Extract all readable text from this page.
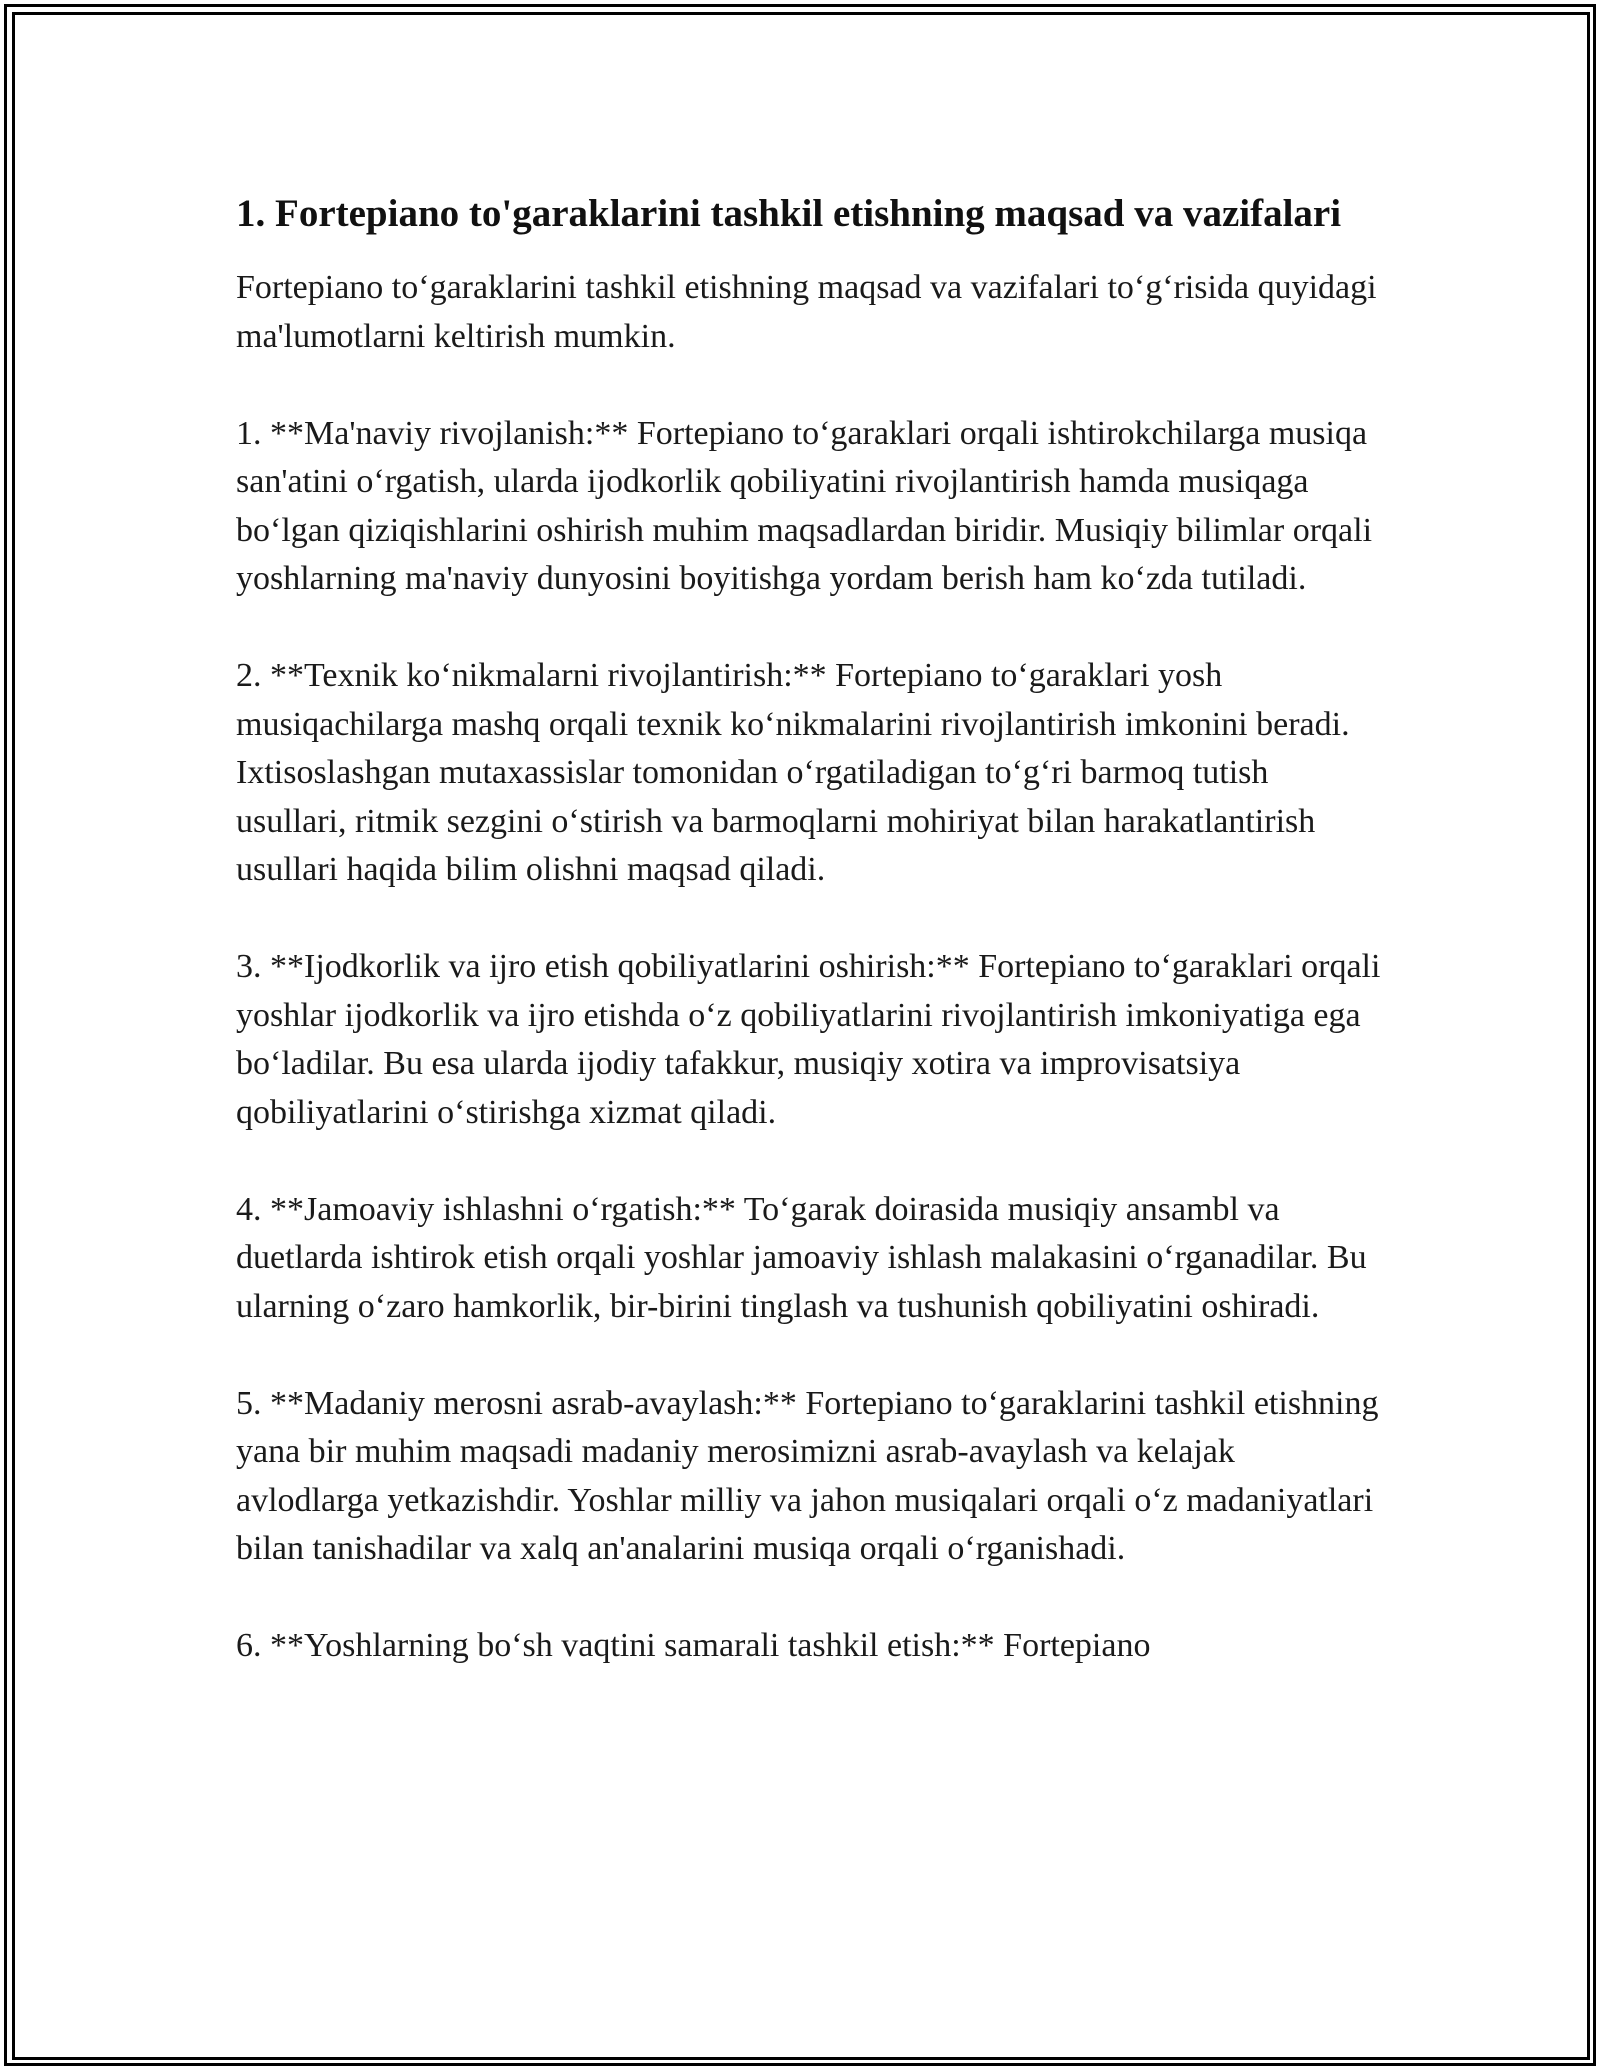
1. Fortepiano to'garaklarini tashkil etishning maqsad va vazifalari

Fortepiano to‘garaklarini tashkil etishning maqsad va vazifalari to‘g‘risida quyidagi ma'lumotlarni keltirish mumkin.

1. **Ma'naviy rivojlanish:** Fortepiano to‘garaklari orqali ishtirokchilarga musiqa san'atini o‘rgatish, ularda ijodkorlik qobiliyatini rivojlantirish hamda musiqaga bo‘lgan qiziqishlarini oshirish muhim maqsadlardan biridir. Musiqiy bilimlar orqali yoshlarning ma'naviy dunyosini boyitishga yordam berish ham ko‘zda tutiladi.

2. **Texnik ko‘nikmalarni rivojlantirish:** Fortepiano to‘garaklari yosh musiqachilarga mashq orqali texnik ko‘nikmalarini rivojlantirish imkonini beradi. Ixtisoslashgan mutaxassislar tomonidan o‘rgatiladigan to‘g‘ri barmoq tutish usullari, ritmik sezgini o‘stirish va barmoqlarni mohiriyat bilan harakatlantirish usullari haqida bilim olishni maqsad qiladi.

3. **Ijodkorlik va ijro etish qobiliyatlarini oshirish:** Fortepiano to‘garaklari orqali yoshlar ijodkorlik va ijro etishda o‘z qobiliyatlarini rivojlantirish imkoniyatiga ega bo‘ladilar. Bu esa ularda ijodiy tafakkur, musiqiy xotira va improvisatsiya qobiliyatlarini o‘stirishga xizmat qiladi.

4. **Jamoaviy ishlashni o‘rgatish:** To‘garak doirasida musiqiy ansambl va duetlarda ishtirok etish orqali yoshlar jamoaviy ishlash malakasini o‘rganadilar. Bu ularning o‘zaro hamkorlik, bir-birini tinglash va tushunish qobiliyatini oshiradi.

5. **Madaniy merosni asrab-avaylash:** Fortepiano to‘garaklarini tashkil etishning yana bir muhim maqsadi madaniy merosimizni asrab-avaylash va kelajak avlodlarga yetkazishdir. Yoshlar milliy va jahon musiqalari orqali o‘z madaniyatlari bilan tanishadilar va xalq an'analarini musiqa orqali o‘rganishadi.

6. **Yoshlarning bo‘sh vaqtini samarali tashkil etish:** Fortepiano
